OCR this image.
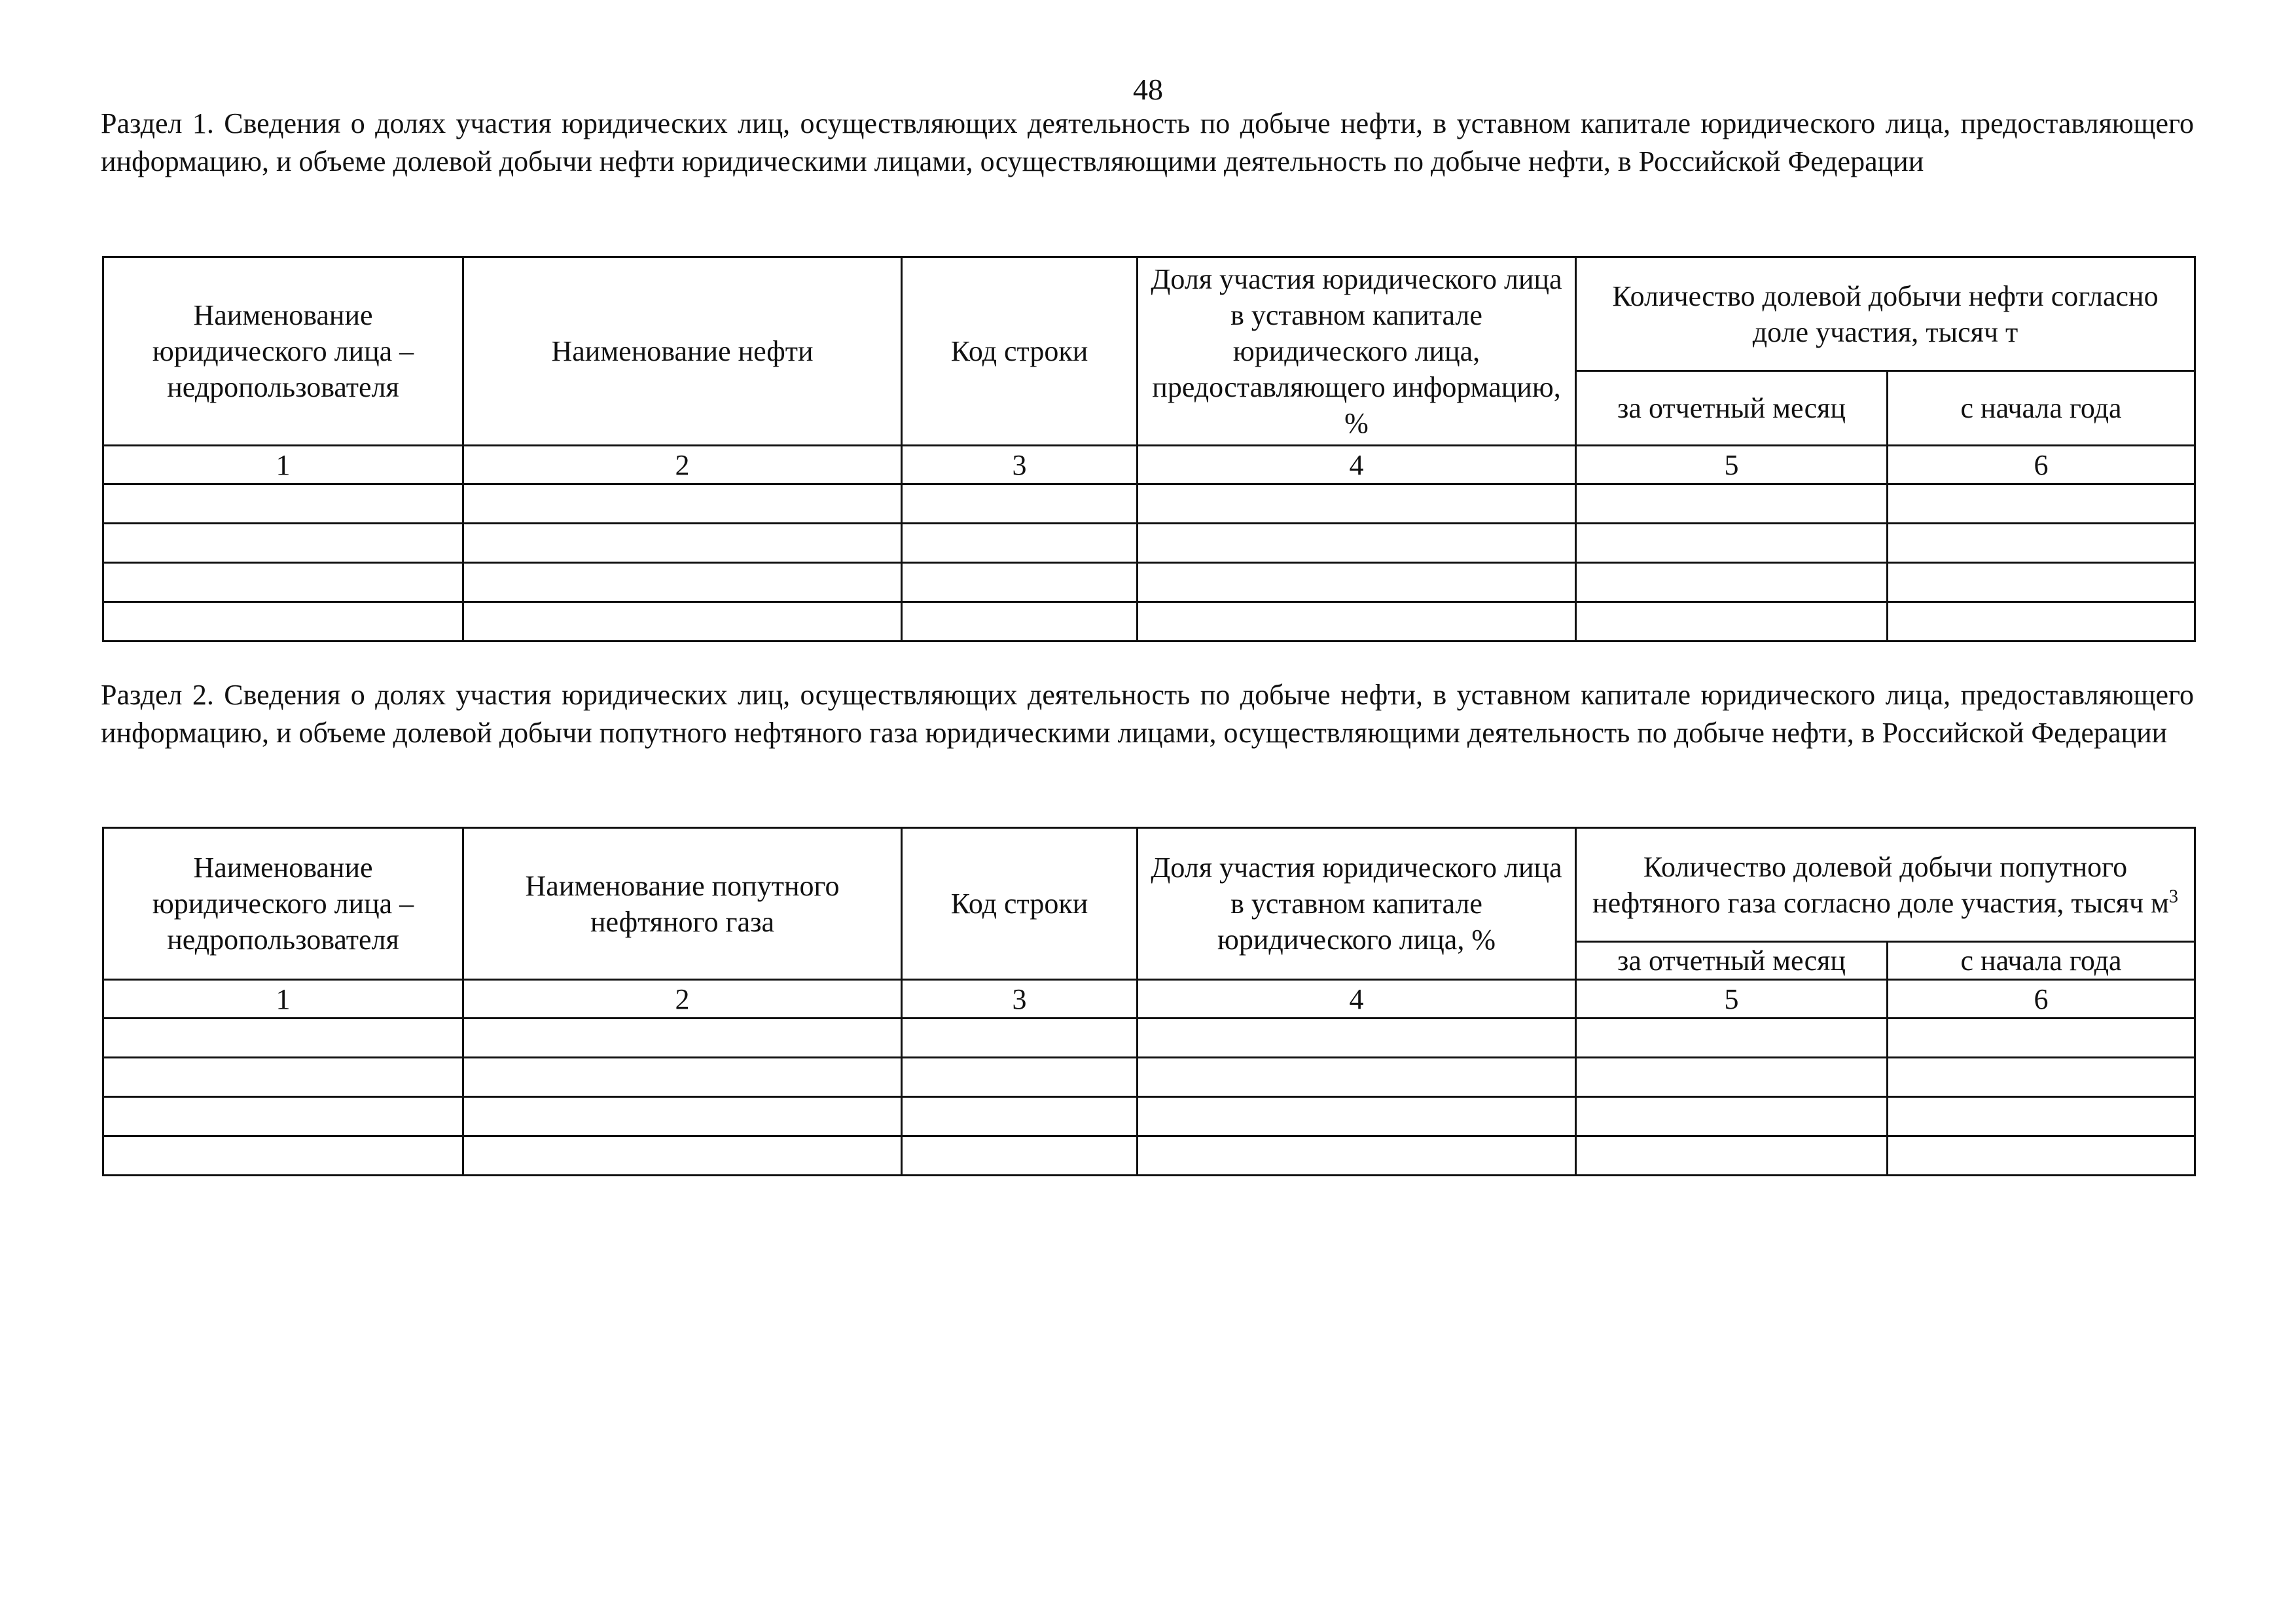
48
Раздел 1. Сведения о долях участия юридических лиц, осуществляющих деятельность по добыче нефти, в уставном капитале юридического лица, предоставляющего информацию, и объеме долевой добычи нефти юридическими лицами, осуществляющими деятельность по добыче нефти, в Российской Федерации
Наименование юридического лица – недропользователя	Наименование нефти	Код строки	Доля участия юридического лица в уставном капитале юридического лица, предоставляющего информацию, %	Количество долевой добычи нефти согласно доле участия, тысяч т	
				за отчетный месяц	с начала года
1	2	3	4	5	6

Раздел 2. Сведения о долях участия юридических лиц, осуществляющих деятельность по добыче нефти, в уставном капитале юридического лица, предоставляющего информацию, и объеме долевой добычи попутного нефтяного газа юридическими лицами, осуществляющими деятельность по добыче нефти, в Российской Федерации
Наименование юридического лица – недропользователя	Наименование попутного нефтяного газа	Код строки	Доля участия юридического лица в уставном капитале юридического лица, %	Количество долевой добычи попутного нефтяного газа согласно доле участия, тысяч $м^3$
				за отчетный месяц	с начала года
1	2	3	4	5	6
